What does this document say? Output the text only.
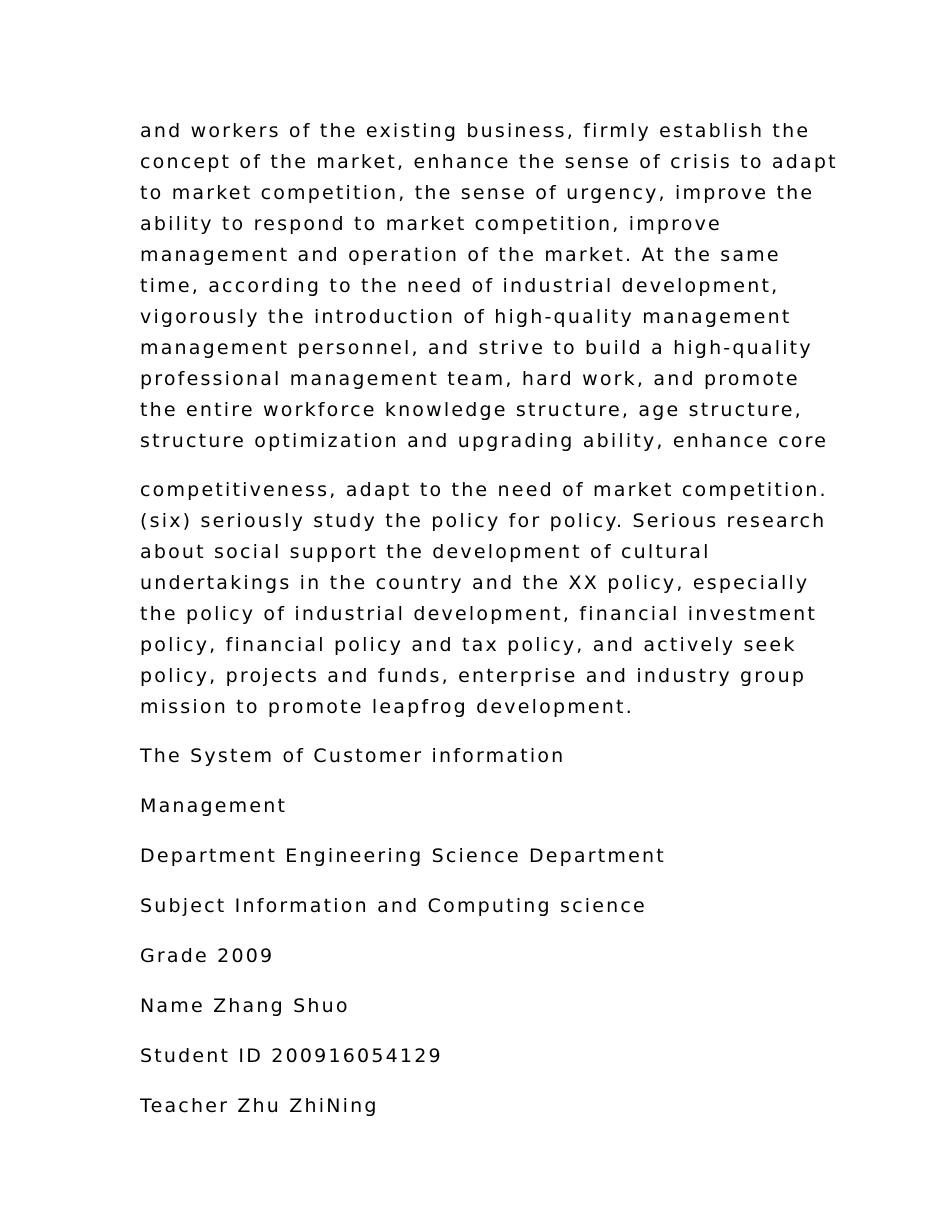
and workers of the existing business, firmly establish the
concept of the market, enhance the sense of crisis to adapt
to market competition, the sense of urgency, improve the
ability to respond to market competition, improve
management and operation of the market. At the same
time, according to the need of industrial development,
vigorously the introduction of high-quality management
management personnel, and strive to build a high-quality
professional management team, hard work, and promote
the entire workforce knowledge structure, age structure,
structure optimization and upgrading ability, enhance core

competitiveness, adapt to the need of market competition.
(six) seriously study the policy for policy. Serious research
about social support the development of cultural
undertakings in the country and the XX policy, especially
the policy of industrial development, financial investment
policy, financial policy and tax policy, and actively seek
policy, projects and funds, enterprise and industry group
mission to promote leapfrog development.

The System of Customer information

Management

Department Engineering Science Department

Subject Information and Computing science

Grade 2009

Name Zhang Shuo

Student ID 200916054129

Teacher Zhu ZhiNing
